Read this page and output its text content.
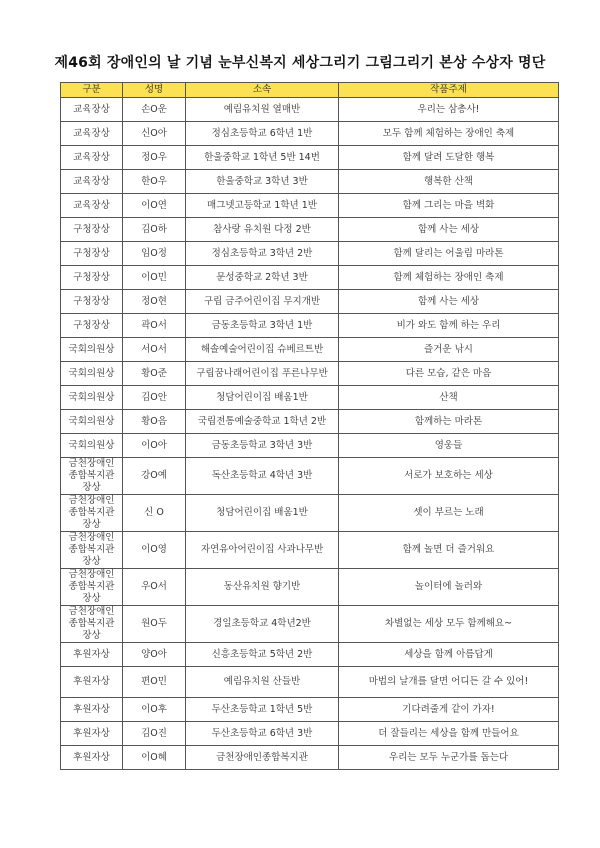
제46회 장애인의 날 기념 눈부신복지 세상그리기 그림그리기 본상 수상자 명단
구분	성명	소속	작품주제
교육장상	손O운	예림유치원 열매반	우리는 삼총사!
교육장상	신O아	정심초등학교 6학년 1반	모두 함께 체험하는 장애인 축제
교육장상	정O우	한울중학교 1학년 5반 14번	함께 달려 도달한 행복
교육장상	한O우	한울중학교 3학년 3반	행복한 산책
교육장상	이O연	매그넷고등학교 1학년 1반	함께 그리는 마을 벽화
구청장상	김O하	참사랑 유치원 다정 2반	함께 사는 세상
구청장상	임O정	정심초등학교 3학년 2반	함께 달리는 어울림 마라톤
구청장상	이O민	문성중학교 2학년 3반	함께 체험하는 장애인 축제
구청장상	정O현	구립 금주어린이집 무지개반	함께 사는 세상
구청장상	곽O서	금동초등학교 3학년 1반	비가 와도 함께 하는 우리
국회의원상	서O서	해솔예술어린이집 슈베르트반	즐거운 낚시
국회의원상	황O준	구립꿈나래어린이집 푸른나무반	다른 모습, 같은 마음
국회의원상	김O안	청담어린이집 배움1반	산책
국회의원상	황O음	국립전통예술중학교 1학년 2반	함께하는 마라톤
국회의원상	이O아	금동초등학교 3학년 3반	영웅들
금천장애인
종합복지관장상	강O예	독산초등학교 4학년 3반	서로가 보호하는 세상
금천장애인
종합복지관장상	신 O	청담어린이집 배움1반	셋이 부르는 노래
금천장애인
종합복지관장상	이O영	자연유아어린이집 사과나무반	함께 놀면 더 즐거워요
금천장애인
종합복지관장상	우O서	동산유치원 향기반	놀이터에 놀러와
금천장애인
종합복지관장상	원O두	경일초등학교 4학년2반	차별없는 세상 모두 함께해요~
후원자상	양O아	신흥초등학교 5학년 2반	세상을 함께 아름답게
후원자상	편O민	예림유치원 산들반	마법의 날개를 달면 어디든 갈 수 있어!
후원자상	이O후	두산초등학교 1학년 5반	기다려줄게 같이 가자!
후원자상	김O진	두산초등학교 6학년 3반	더 잘들리는 세상을 함께 만들어요
후원자상	이O혜	금천장애인종합복지관	우리는 모두 누군가를 돕는다
